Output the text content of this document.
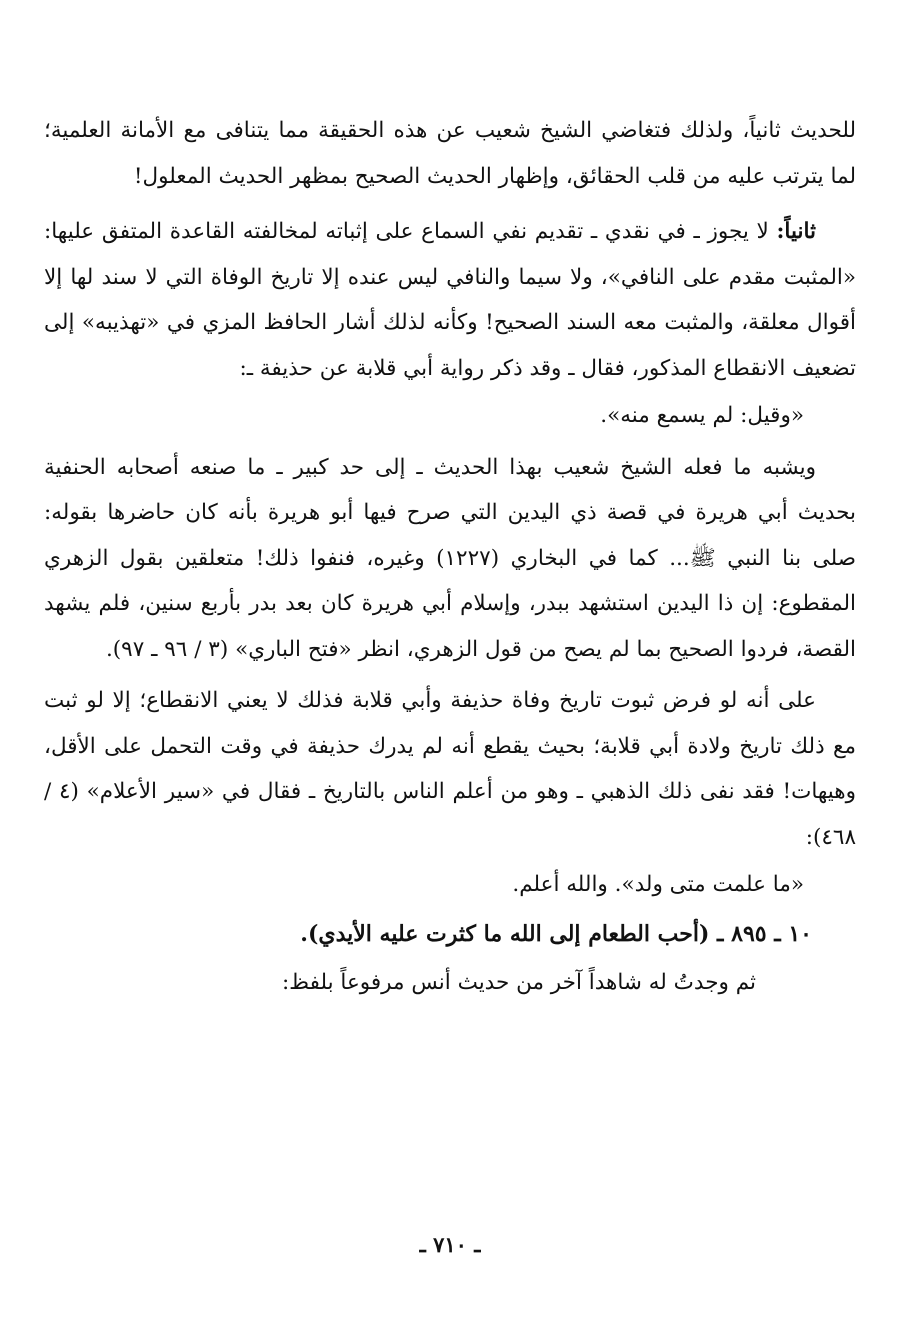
للحديث ثانياً، ولذلك فتغاضي الشيخ شعيب عن هذه الحقيقة مما يتنافى مع الأمانة العلمية؛ لما يترتب عليه من قلب الحقائق، وإظهار الحديث الصحيح بمظهر الحديث المعلول!

ثانياً: لا يجوز ـ في نقدي ـ تقديم نفي السماع على إثباته لمخالفته القاعدة المتفق عليها: «المثبت مقدم على النافي»، ولا سيما والنافي ليس عنده إلا تاريخ الوفاة التي لا سند لها إلا أقوال معلقة، والمثبت معه السند الصحيح! وكأنه لذلك أشار الحافظ المزي في «تهذيبه» إلى تضعيف الانقطاع المذكور، فقال ـ وقد ذكر رواية أبي قلابة عن حذيفة ـ:

«وقيل: لم يسمع منه».

ويشبه ما فعله الشيخ شعيب بهذا الحديث ـ إلى حد كبير ـ ما صنعه أصحابه الحنفية بحديث أبي هريرة في قصة ذي اليدين التي صرح فيها أبو هريرة بأنه كان حاضرها بقوله: صلى بنا النبي ﷺ... كما في البخاري (١٢٢٧) وغيره، فنفوا ذلك! متعلقين بقول الزهري المقطوع: إن ذا اليدين استشهد ببدر، وإسلام أبي هريرة كان بعد بدر بأربع سنين، فلم يشهد القصة، فردوا الصحيح بما لم يصح من قول الزهري، انظر «فتح الباري» (٣ / ٩٦ ـ ٩٧).

على أنه لو فرض ثبوت تاريخ وفاة حذيفة وأبي قلابة فذلك لا يعني الانقطاع؛ إلا لو ثبت مع ذلك تاريخ ولادة أبي قلابة؛ بحيث يقطع أنه لم يدرك حذيفة في وقت التحمل على الأقل، وهيهات! فقد نفى ذلك الذهبي ـ وهو من أعلم الناس بالتاريخ ـ فقال في «سير الأعلام» (٤ / ٤٦٨):

«ما علمت متى ولد». والله أعلم.

١٠ ـ ٨٩٥ ـ (أحب الطعام إلى الله ما كثرت عليه الأيدي).

ثم وجدتُ له شاهداً آخر من حديث أنس مرفوعاً بلفظ:

ـ ٧١٠ ـ
